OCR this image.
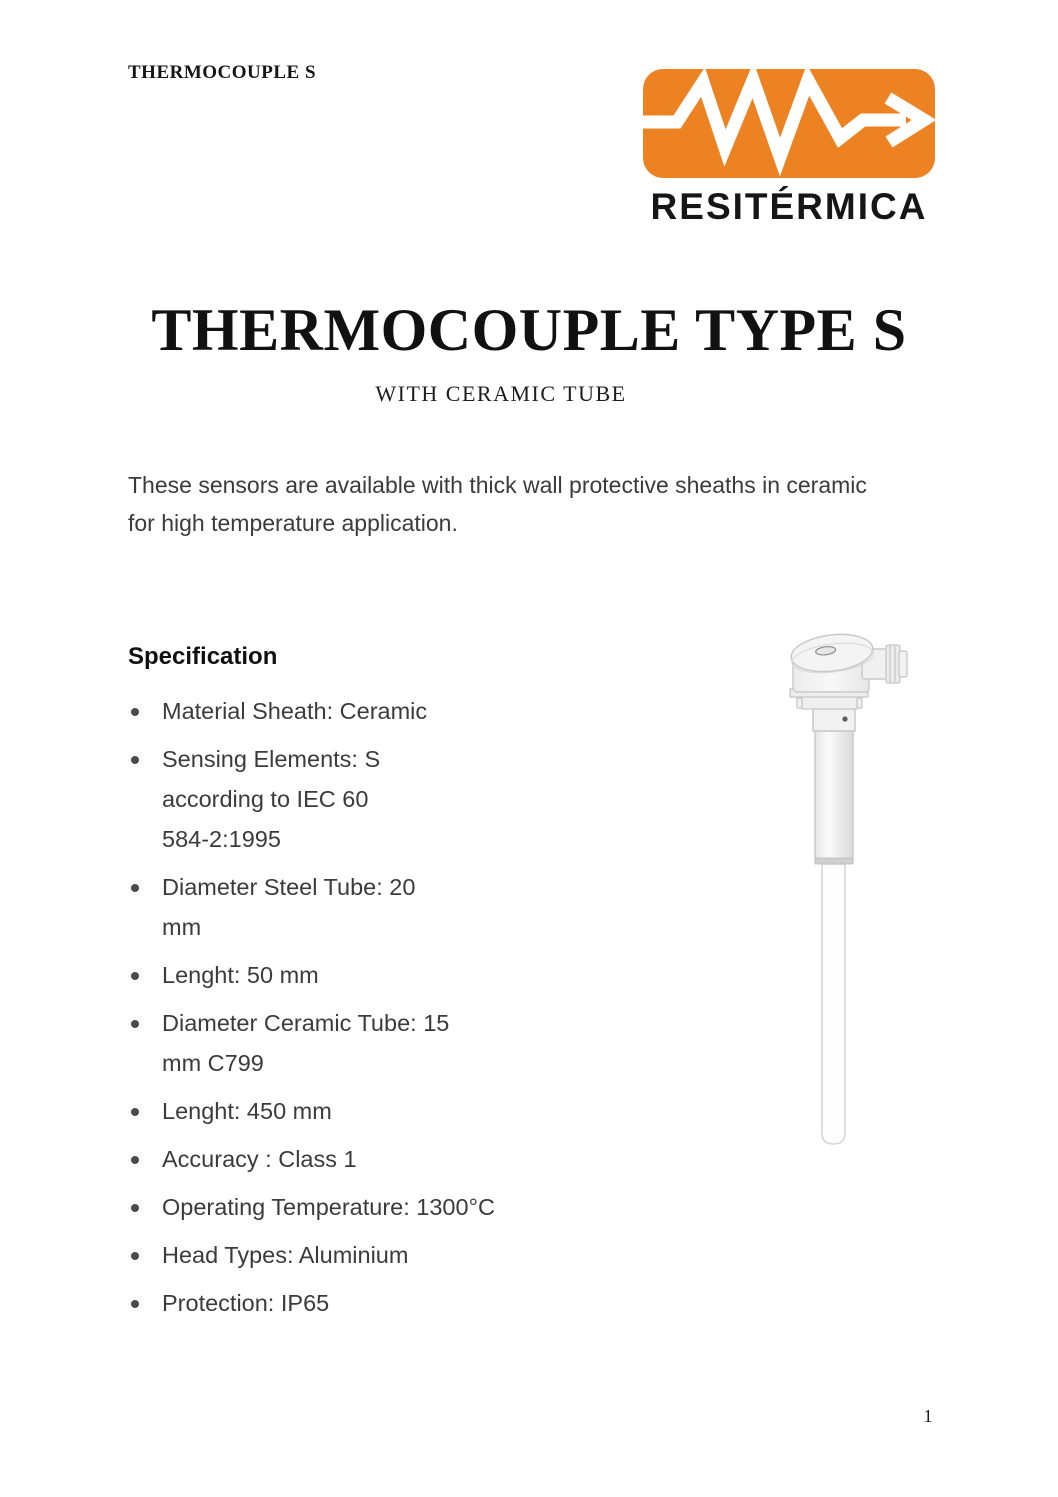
THERMOCOUPLE S
RESITÉRMICA
THERMOCOUPLE TYPE S
WITH CERAMIC TUBE

These sensors are available with thick wall protective sheaths in ceramic for high temperature application.

Specification
Material Sheath: Ceramic
Sensing Elements: S
according to IEC 60
584-2:1995
Diameter Steel Tube: 20
mm
Lenght: 50 mm
Diameter Ceramic Tube: 15
mm C799
Lenght: 450 mm
Accuracy : Class 1
Operating Temperature: 1300°C
Head Types: Aluminium
Protection: IP65
1
